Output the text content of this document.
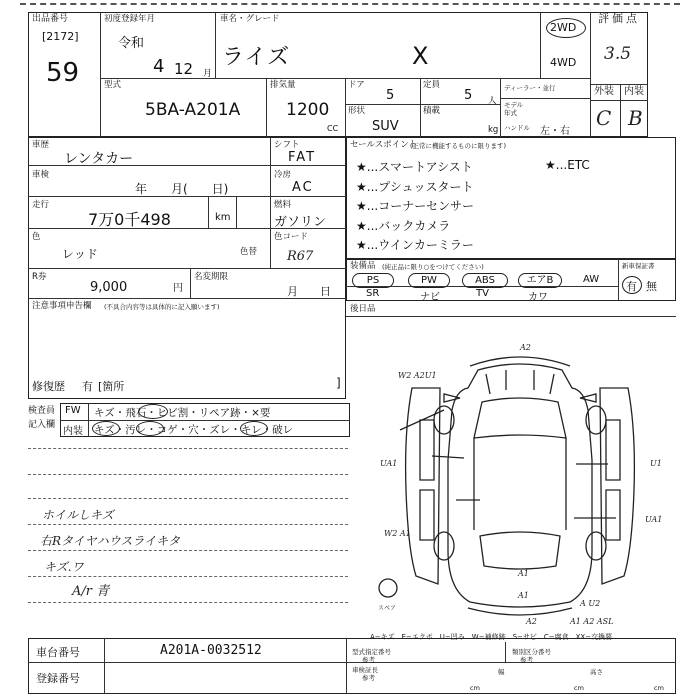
出品番号
[2172]
59
初度登録年月
令和
4 12 月
車名・グレード
ライズ	X
2WD
4WD
評価点
3.5
外装 内装
C B
型式
5BA-A201A
排気量
1200
CC
ドア
5
定員
5 人
形状
SUV
積載
kg
ディーラー・並行
モデル年式
ハンドル 左・右
車歴
レンタカー
シフト
FAT
車検
年　　月(　　日)
冷房
AC
走行
7万0千498	km
燃料
ガソリン
色
レッド	色替
色コード
R67
R券
9,000	円
名変期限
月　　日
注意事項申告欄 (不具合内容等は具体的に記入願います)
修復歴 有 [箇所	]
セールスポイント
(正常に機能するものに限ります)
★...スマートアシスト
★...プシュッスタート
★...コーナーセンサー
★...バックカメラ
★...ウインカーミラー
★...ETC
装備品 (純正品に限り○をつけてください)	新車保証書
PS	PW	ABS	エアB	AW
SR	ナビ	TV	カワ
有 無
後日品
検査員
記入欄
FW キズ・飛石・ヒビ割・リペア跡・×要
内装 キズ・汚レ・コゲ・穴・ズレ・キレ・破レ
ホイルしキズ
右Rタイヤハウスライキタ
キズ.ワ
A/r 青
A2
W2 A2U1
UA1	U1
UA1
W2 A1
A1
A1
A2
A U2
A1 A2 ASL
スペア
A−キズ　E−エクボ　U−凹み　W−補修跡　S−サビ　C−腐食　XX−交換要
車台番号	A201A-0032512
登録番号
型式指定番号
参考
類別区分番号
参考
車検証長
参考
cm
幅
cm
高さ
cm
